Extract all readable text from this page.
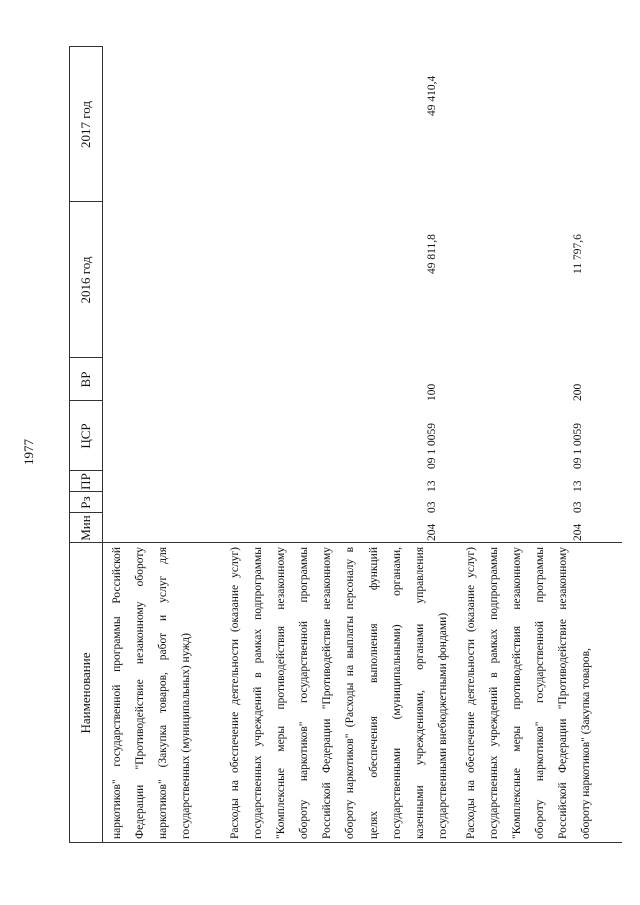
1977
Наименование
Мин
Рз
ПР
ЦСР
ВР
2016 год
2017 год
наркотиков" государственной программы Российской Федерации "Противодействие незаконному обороту наркотиков" (Закупка товаров, работ и услуг для государственных (муниципальных) нужд)	Расходы на обеспечение деятельности (оказание услуг) государственных учреждений в рамках подпрограммы "Комплексные меры противодействия незаконному обороту наркотиков" государственной программы Российской Федерации "Противодействие незаконному обороту наркотиков" (Расходы на выплаты персоналу в целях обеспечения выполнения функций государственными (муниципальными) органами, казенными учреждениями, органами управления государственными внебюджетными фондами)
204
03
13
09 1 0059
100
49 811,8
49 410,4
Расходы на обеспечение деятельности (оказание услуг) государственных учреждений в рамках подпрограммы "Комплексные меры противодействия незаконному обороту наркотиков" государственной программы Российской Федерации "Противодействие незаконному обороту наркотиков" (Закупка товаров,
204
03
13
09 1 0059
200
11 797,6
